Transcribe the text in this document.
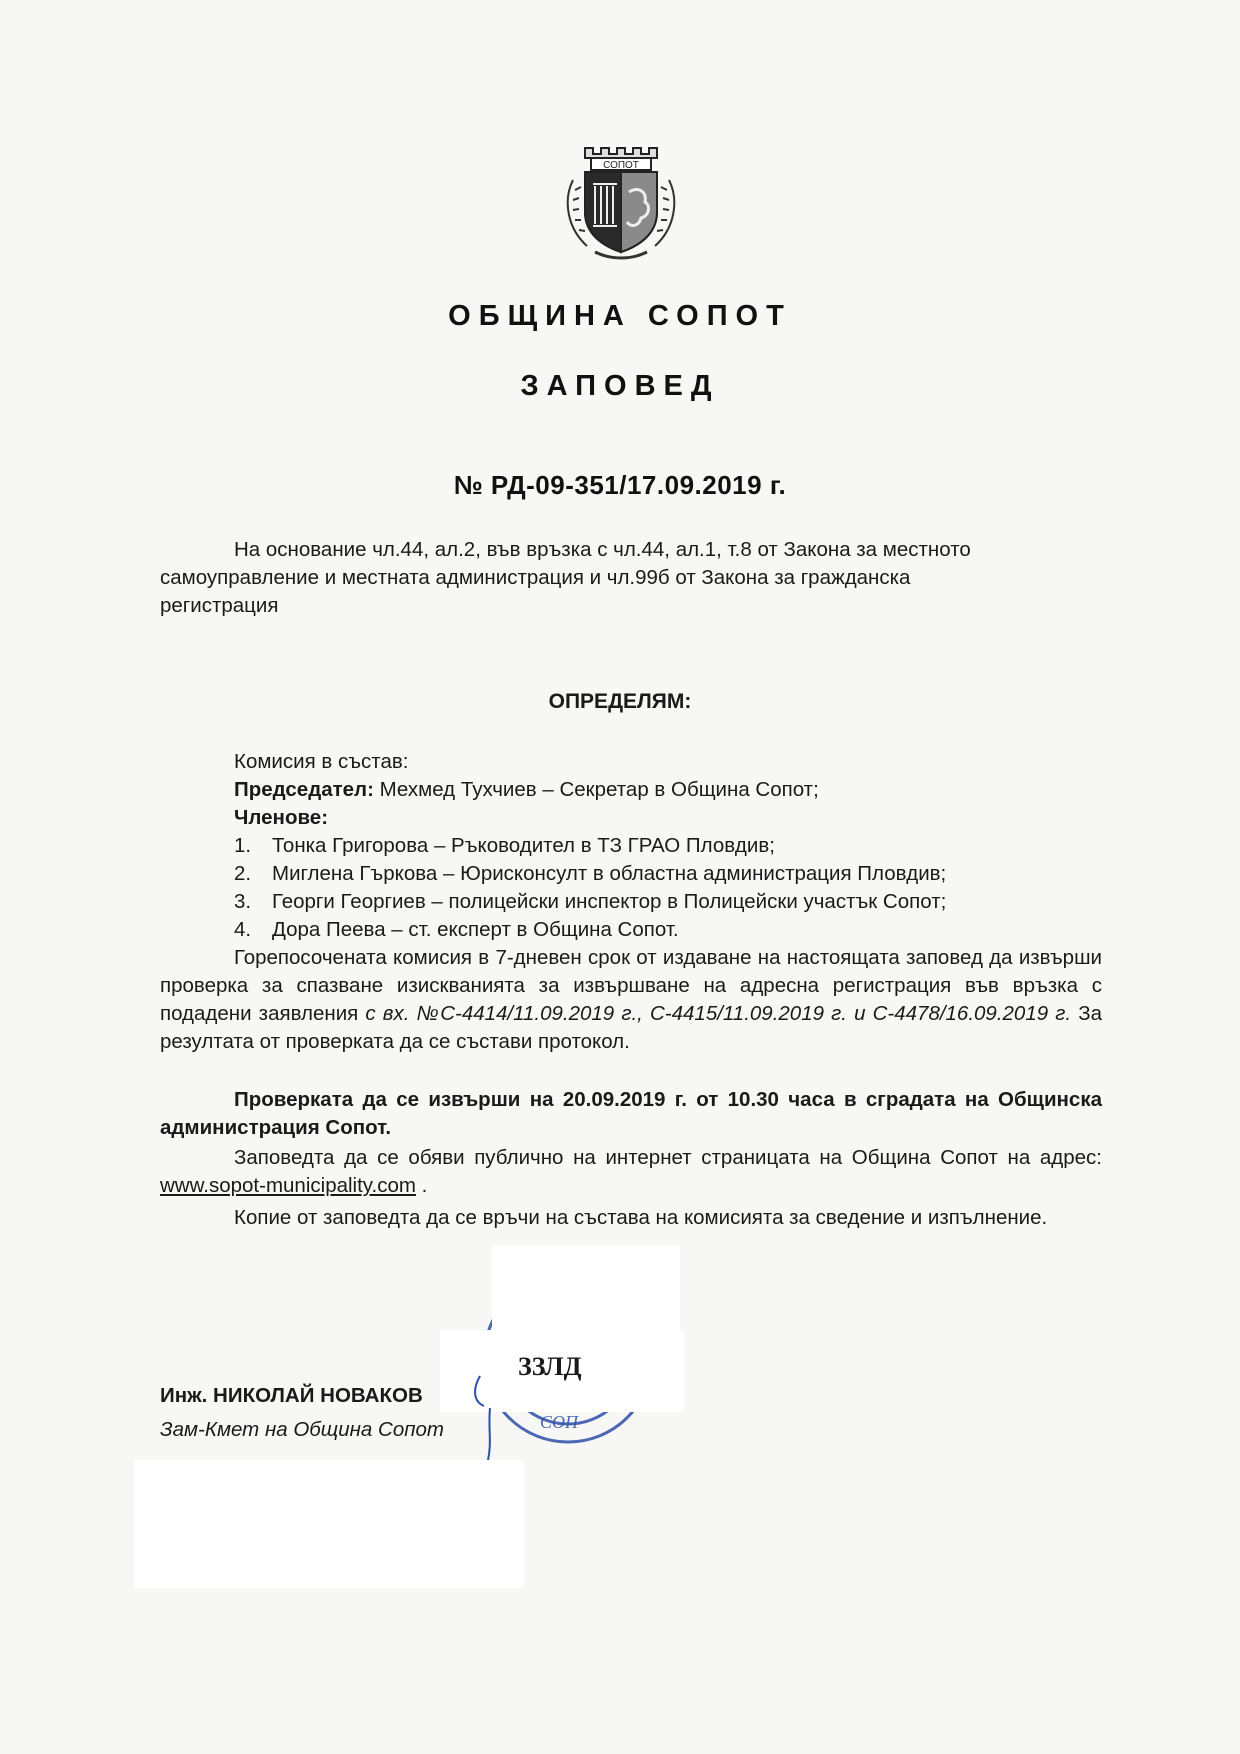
СОПОТ
ОБЩИНА СОПОТ
ЗАПОВЕД
№ РД-09-351/17.09.2019 г.
На основание чл.44, ал.2, във връзка с чл.44, ал.1, т.8 от Закона за местното
самоуправление и местната администрация и чл.99б от Закона за гражданска
регистрация
ОПРЕДЕЛЯМ:
Комисия в състав:
Председател: Мехмед Тухчиев – Секретар в Община Сопот;
Членове:
1. Тонка Григорова – Ръководител в ТЗ ГРАО Пловдив;
2. Миглена Гъркова – Юрисконсулт в областна администрация Пловдив;
3. Георги Георгиев – полицейски инспектор в Полицейски участък Сопот;
4. Дора Пеева – ст. експерт в Община Сопот.
Горепосочената комисия в 7-дневен срок от издаване на настоящата заповед да извърши проверка за спазване изискванията за извършване на адресна регистрация във връзка с подадени заявления с вх. №С-4414/11.09.2019 г., С-4415/11.09.2019 г. и С-4478/16.09.2019 г. За резултата от проверката да се състави протокол.
Проверката да се извърши на 20.09.2019 г. от 10.30 часа в сградата на Общинска администрация Сопот.
Заповедта да се обяви публично на интернет страницата на Община Сопот на адрес: www.sopot-municipality.com .
Копие от заповедта да се връчи на състава на комисията за сведение и изпълнение.
СОП
ЗЗЛД
Инж. НИКОЛАЙ НОВАКОВ
Зам-Кмет на Община Сопот
